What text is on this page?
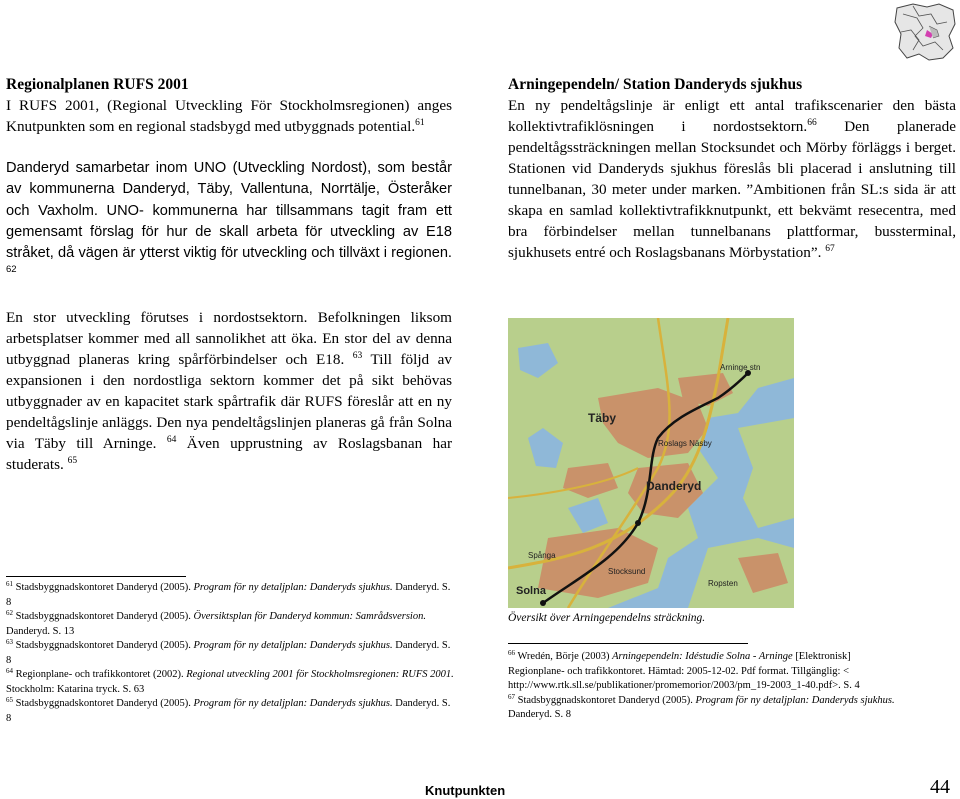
Regionalplanen RUFS 2001

I RUFS 2001, (Regional Utveckling För Stockholmsregionen) anges Knutpunkten som en regional stadsbygd med utbyggnads potential.$^{61}$

Danderyd samarbetar inom UNO (Utveckling Nordost), som består av kommunerna Danderyd, Täby, Vallentuna, Norrtälje, Österåker och Vaxholm. UNO- kommunerna har tillsammans tagit fram ett gemensamt förslag för hur de skall arbeta för utveckling av E18 stråket, då vägen är ytterst viktig för utveckling och tillväxt i regionen. $^{62}$

En stor utveckling förutses i nordostsektorn. Befolkningen liksom arbetsplatser kommer med all sannolikhet att öka. En stor del av denna utbyggnad planeras kring spårförbindelser och E18. $^{63}$ Till följd av expansionen i den nordostliga sektorn kommer det på sikt behövas utbyggnader av en kapacitet stark spårtrafik där RUFS föreslår att en ny pendeltågslinje anläggs. Den nya pendeltågslinjen planeras gå från Solna via Täby till Arninge. $^{64}$ Även upprustning av Roslagsbanan har studerats. $^{65}$

Arningependeln/ Station Danderyds sjukhus

En ny pendeltågslinje är enligt ett antal trafikscenarier den bästa kollektivtrafiklösningen i nordostsektorn.$^{66}$ Den planerade pendeltågssträckningen mellan Stocksundet och Mörby förläggs i berget. Stationen vid Danderyds sjukhus föreslås bli placerad i anslutning till tunnelbanan, 30 meter under marken. ”Ambitionen från SL:s sida är att skapa en samlad kollektivtrafikknutpunkt, ett bekvämt resecentra, med bra förbindelser mellan tunnelbanans plattformar, bussterminal, sjukhusets entré och Roslagsbanans Mörbystation”. $^{67}$

Täby
Danderyd
Solna
Arninge stn
Roslags Näsby
Spånga
Stocksund
Ropsten
Översikt över Arningependelns sträckning.
$^{61}$ Stadsbyggnadskontoret Danderyd (2005). Program för ny detaljplan: Danderyds sjukhus. Danderyd. S. 8
$^{62}$ Stadsbyggnadskontoret Danderyd (2005). Översiktsplan för Danderyd kommun: Samrådsversion. Danderyd. S. 13
$^{63}$ Stadsbyggnadskontoret Danderyd (2005). Program för ny detaljplan: Danderyds sjukhus. Danderyd. S. 8
$^{64}$ Regionplane- och trafikkontoret (2002). Regional utveckling 2001 för Stockholmsregionen: RUFS 2001. Stockholm: Katarina tryck. S. 63
$^{65}$ Stadsbyggnadskontoret Danderyd (2005). Program för ny detaljplan: Danderyds sjukhus. Danderyd. S. 8
$^{66}$ Wredén, Börje (2003) Arningependeln: Idéstudie Solna - Arninge [Elektronisk] Regionplane- och trafikkontoret. Hämtad: 2005-12-02. Pdf format. Tillgänglig: < http://www.rtk.sll.se/publikationer/promemorior/2003/pm_19-2003_1-40.pdf>. S. 4
$^{67}$ Stadsbyggnadskontoret Danderyd (2005). Program för ny detaljplan: Danderyds sjukhus. Danderyd. S. 8
Knutpunkten	44
